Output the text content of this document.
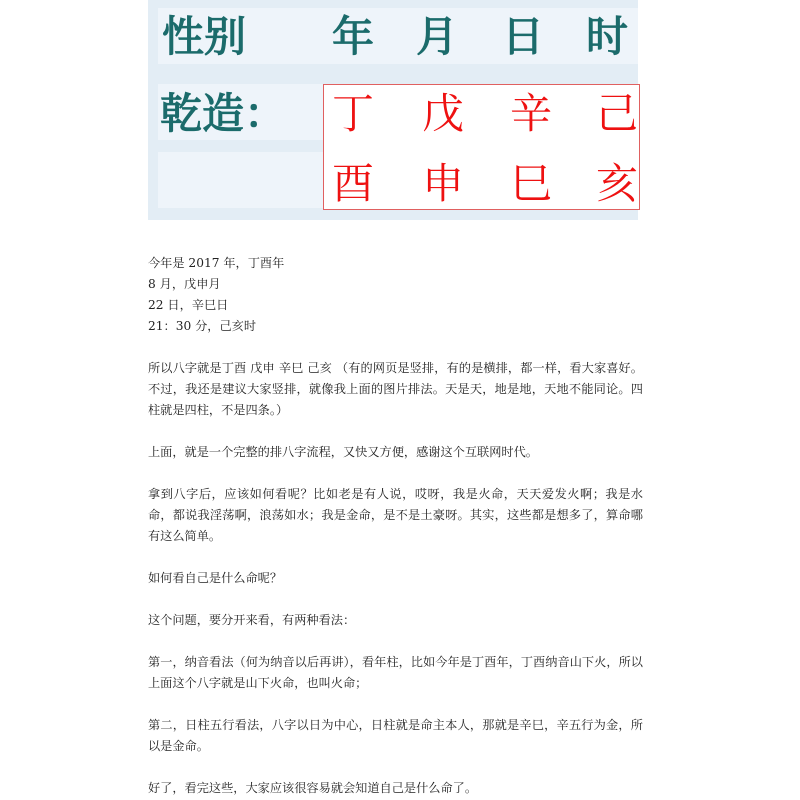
性别 年 月 日 时
乾造： 丁 戊 辛 己
酉 申 巳 亥

今年是 2017 年，丁酉年

8 月，戊申月

22 日，辛巳日

21：30 分，己亥时

所以八字就是丁酉 戊申 辛巳 己亥 （有的网页是竖排，有的是横排，都一样，看大家喜好。不过，我还是建议大家竖排，就像我上面的图片排法。天是天，地是地，天地不能同论。四柱就是四柱，不是四条。）

上面，就是一个完整的排八字流程，又快又方便，感谢这个互联网时代。

拿到八字后，应该如何看呢？比如老是有人说，哎呀，我是火命，天天爱发火啊；我是水命，都说我淫荡啊，浪荡如水；我是金命，是不是土豪呀。其实，这些都是想多了，算命哪有这么简单。

如何看自己是什么命呢？

这个问题，要分开来看，有两种看法：

第一，纳音看法（何为纳音以后再讲），看年柱，比如今年是丁酉年，丁酉纳音山下火，所以上面这个八字就是山下火命，也叫火命；

第二，日柱五行看法，八字以日为中心，日柱就是命主本人，那就是辛巳，辛五行为金，所以是金命。

好了，看完这些，大家应该很容易就会知道自己是什么命了。
